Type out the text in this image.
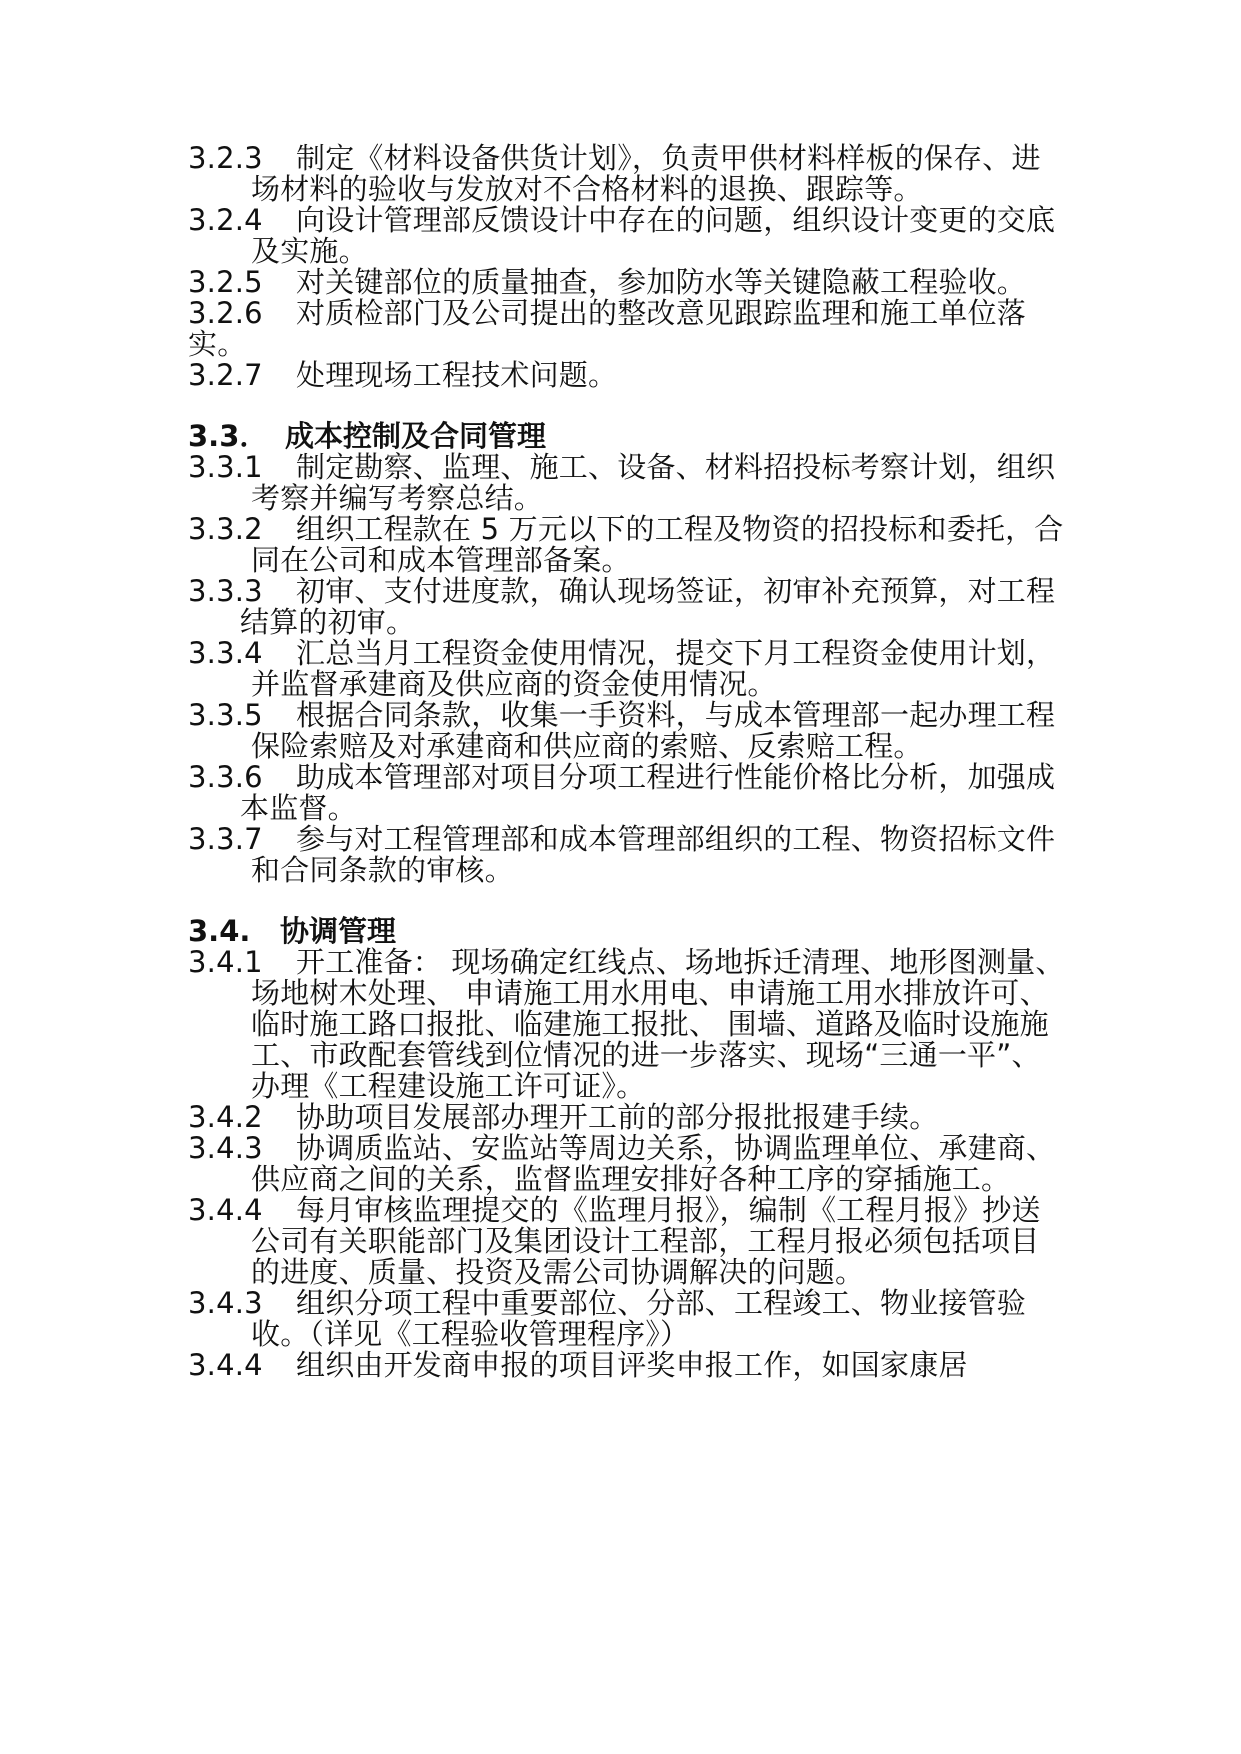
3.2.3 制定《材料设备供货计划》，负责甲供材料样板的保存、进场材料的验收与发放对不合格材料的退换、跟踪等。
3.2.4 向设计管理部反馈设计中存在的问题，组织设计变更的交底及实施。
3.2.5 对关键部位的质量抽查，参加防水等关键隐蔽工程验收。
3.2.6 对质检部门及公司提出的整改意见跟踪监理和施工单位落实。
3.2.7 处理现场工程技术问题。
3.3． 成本控制及合同管理
3.3.1 制定勘察、监理、施工、设备、材料招投标考察计划，组织考察并编写考察总结。
3.3.2 组织工程款在 5 万元以下的工程及物资的招投标和委托，合同在公司和成本管理部备案。
3.3.3 初审、支付进度款，确认现场签证，初审补充预算，对工程结算的初审。
3.3.4 汇总当月工程资金使用情况，提交下月工程资金使用计划，并监督承建商及供应商的资金使用情况。
3.3.5 根据合同条款，收集一手资料，与成本管理部一起办理工程保险索赔及对承建商和供应商的索赔、反索赔工程。
3.3.6 助成本管理部对项目分项工程进行性能价格比分析，加强成本监督。
3.3.7 参与对工程管理部和成本管理部组织的工程、物资招标文件和合同条款的审核。
3.4. 协调管理
3.4.1 开工准备： 现场确定红线点、场地拆迁清理、地形图测量、场地树木处理、 申请施工用水用电、申请施工用水排放许可、临时施工路口报批、临建施工报批、 围墙、道路及临时设施施工、市政配套管线到位情况的进一步落实、现场“三通一平”、办理《工程建设施工许可证》。
3.4.2 协助项目发展部办理开工前的部分报批报建手续。
3.4.3 协调质监站、安监站等周边关系，协调监理单位、承建商、供应商之间的关系，监督监理安排好各种工序的穿插施工。
3.4.4 每月审核监理提交的《监理月报》，编制《工程月报》抄送公司有关职能部门及集团设计工程部，工程月报必须包括项目的进度、质量、投资及需公司协调解决的问题。
3.4.3 组织分项工程中重要部位、分部、工程竣工、物业接管验收。（详见《工程验收管理程序》）
3.4.4 组织由开发商申报的项目评奖申报工作，如国家康居
